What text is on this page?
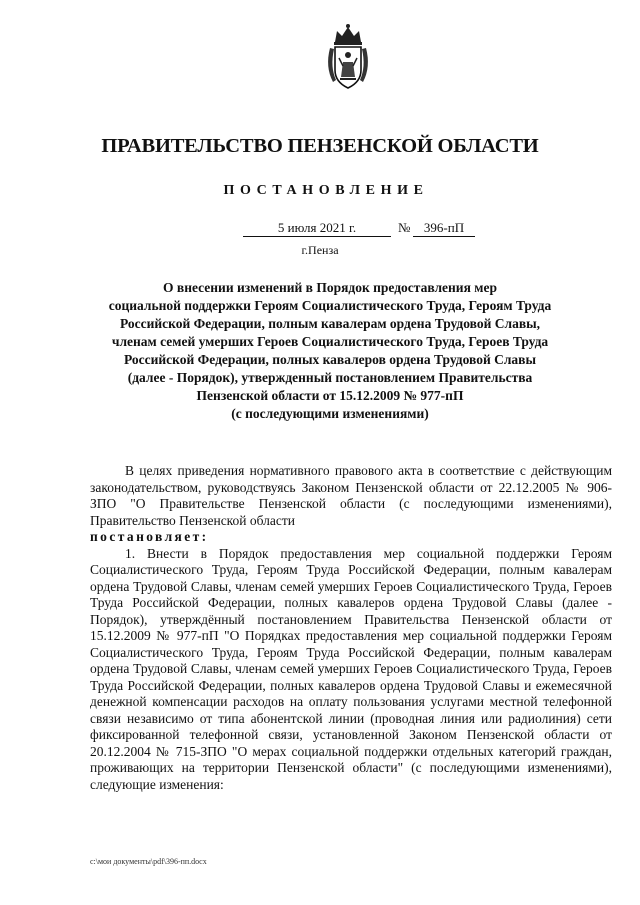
ПРАВИТЕЛЬСТВО ПЕНЗЕНСКОЙ ОБЛАСТИ
ПОСТАНОВЛЕНИЕ
5 июля 2021 г.	№	396-пП
г.Пенза
О внесении изменений в Порядок предоставления мер
социальной поддержки Героям Социалистического Труда, Героям Труда
Российской Федерации, полным кавалерам ордена Трудовой Славы,
членам семей умерших Героев Социалистического Труда, Героев Труда
Российской Федерации, полных кавалеров ордена Трудовой Славы
(далее - Порядок), утвержденный постановлением Правительства
Пензенской области от 15.12.2009 № 977-пП
(с последующими изменениями)

В целях приведения нормативного правового акта в соответствие с действующим законодательством, руководствуясь Законом Пензенской области от 22.12.2005 № 906-ЗПО "О Правительстве Пензенской области (с последующими изменениями), Правительство Пензенской области

постановляет:

1. Внести в Порядок предоставления мер социальной поддержки Героям Социалистического Труда, Героям Труда Российской Федерации, полным кавалерам ордена Трудовой Славы, членам семей умерших Героев Социалистического Труда, Героев Труда Российской Федерации, полных кавалеров ордена Трудовой Славы (далее - Порядок), утверждённый постановлением Правительства Пензенской области от 15.12.2009 № 977-пП "О Порядках предоставления мер социальной поддержки Героям Социалистического Труда, Героям Труда Российской Федерации, полным кавалерам ордена Трудовой Славы, членам семей умерших Героев Социалистического Труда, Героев Труда Российской Федерации, полных кавалеров ордена Трудовой Славы и ежемесячной денежной компенсации расходов на оплату пользования услугами местной телефонной связи независимо от типа абонентской линии (проводная линия или радиолиния) сети фиксированной телефонной связи, установленной Законом Пензенской области от 20.12.2004 № 715-ЗПО "О мерах социальной поддержки отдельных категорий граждан, проживающих на территории Пензенской области" (с последующими изменениями), следующие изменения:

c:\мои документы\pdf\396-пп.docx
